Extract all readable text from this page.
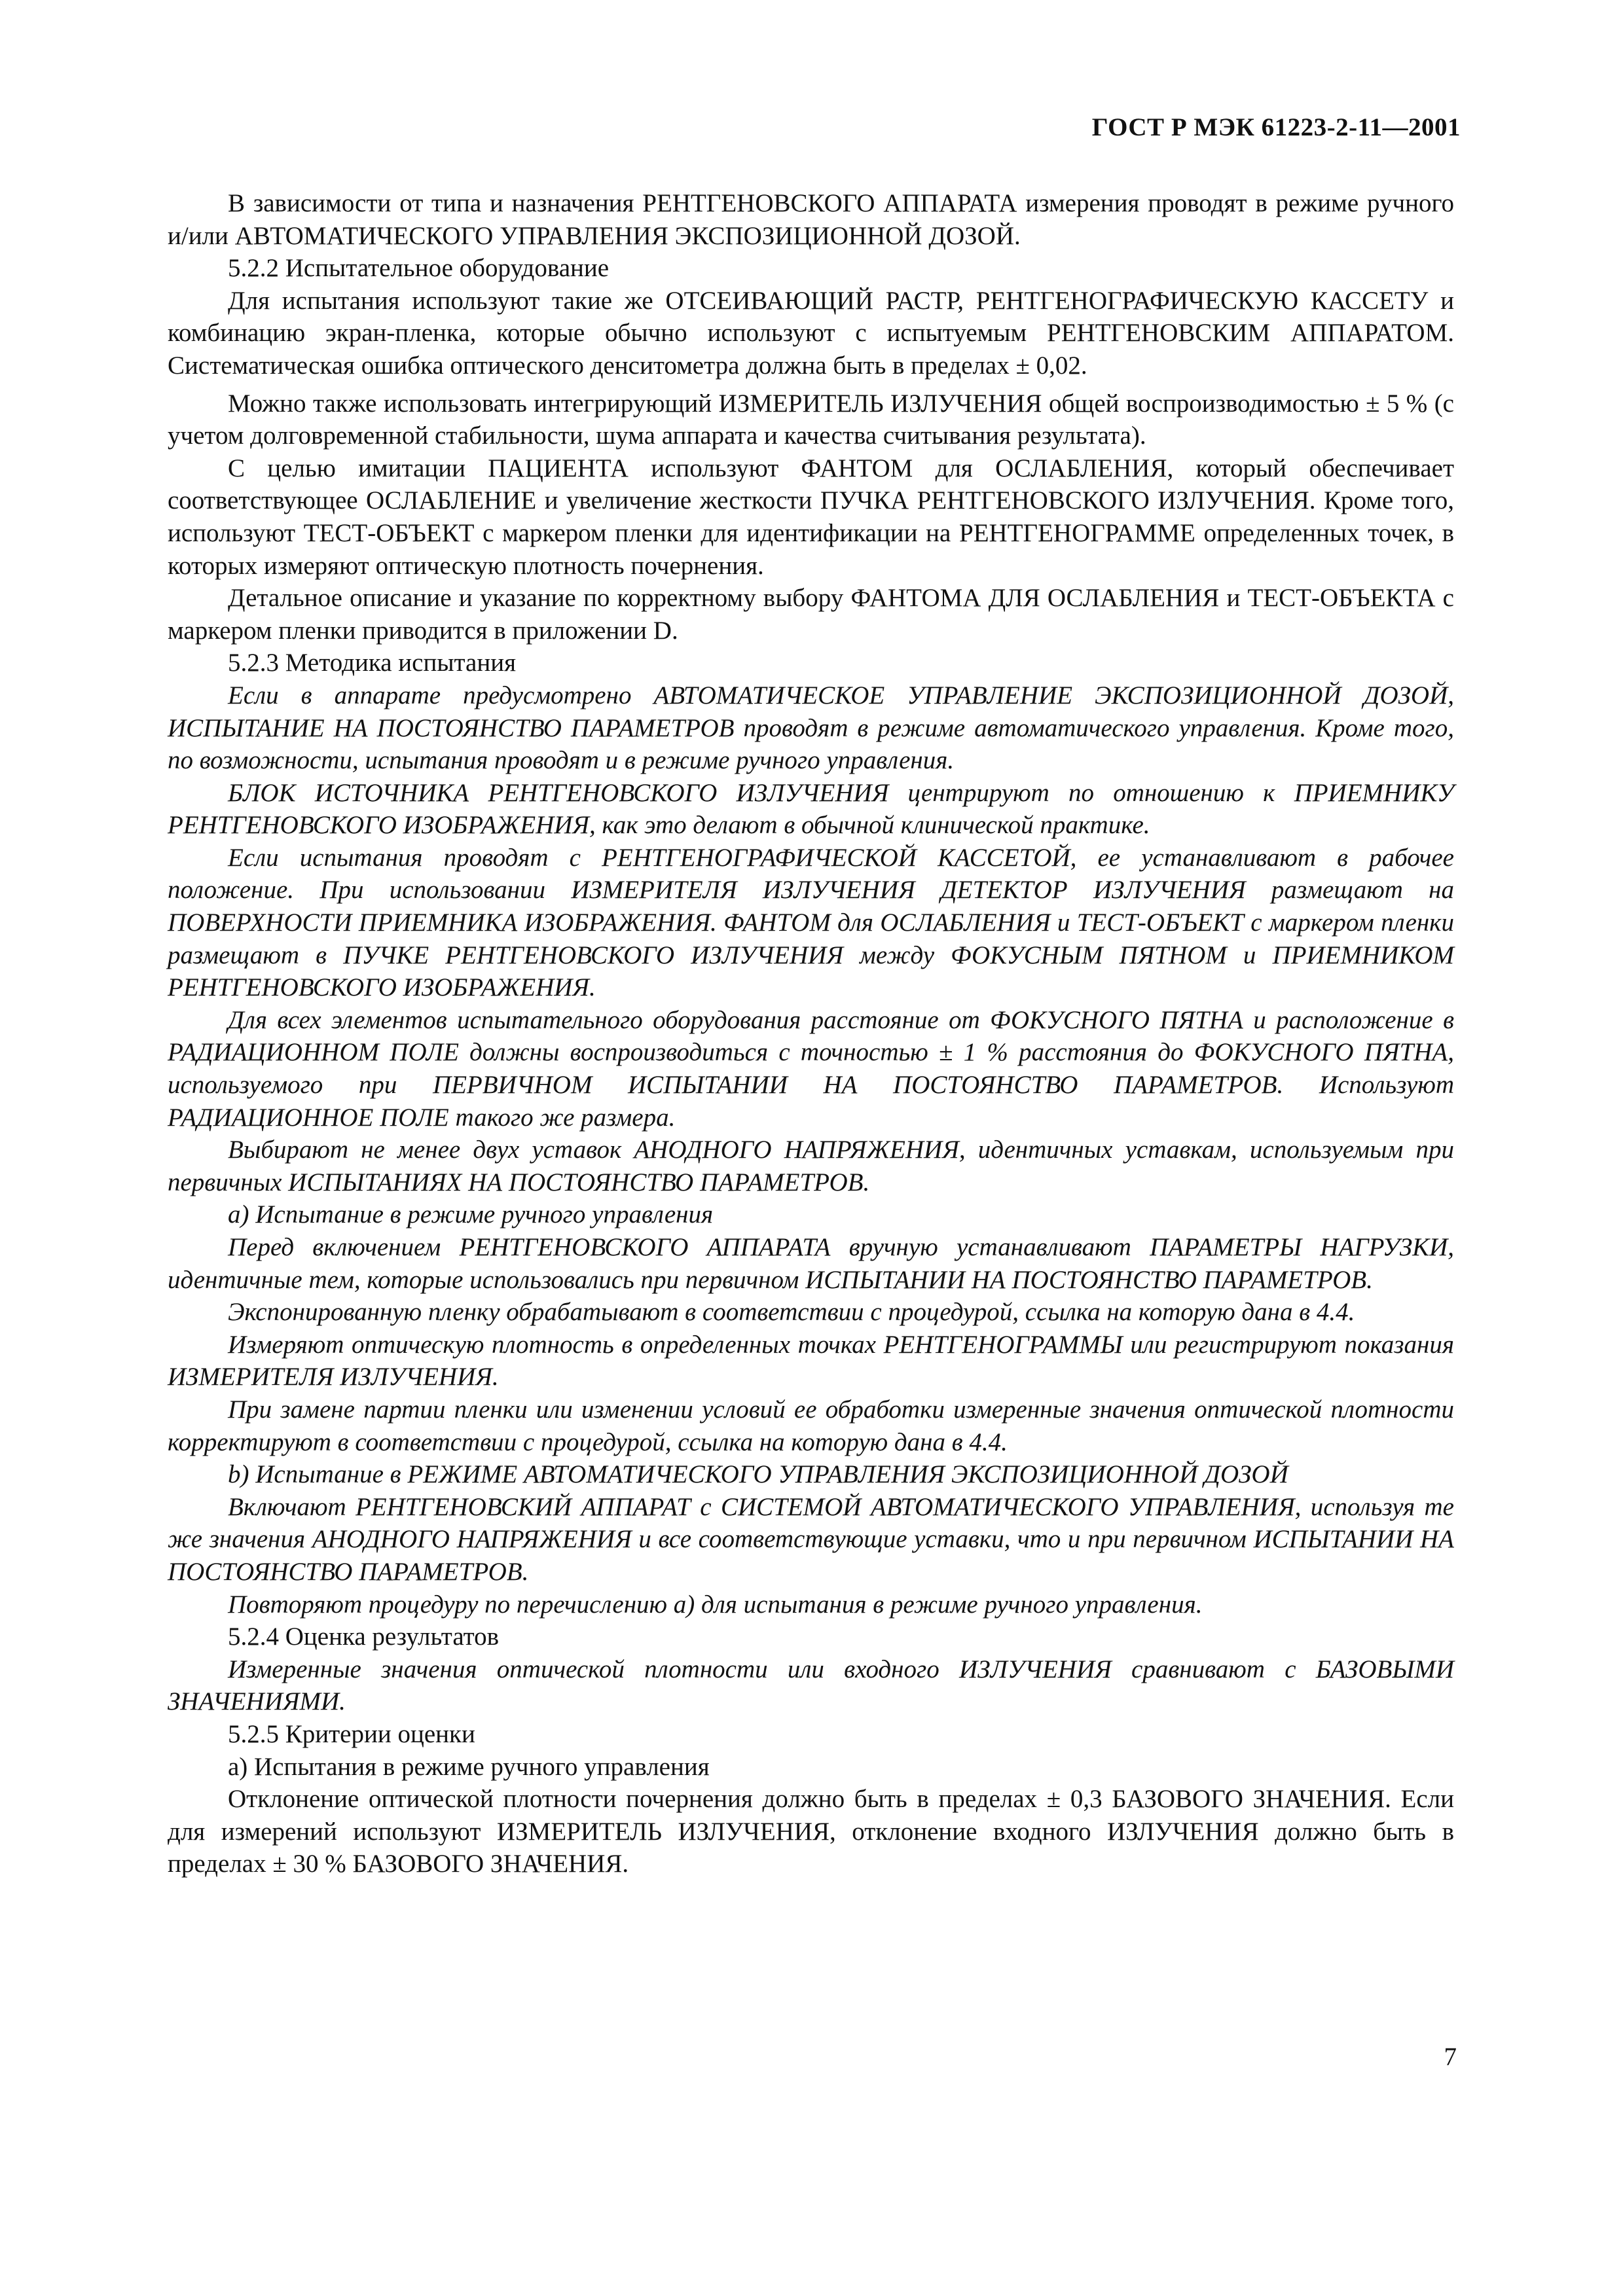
ГОСТ Р МЭК 61223-2-11—2001

В зависимости от типа и назначения РЕНТГЕНОВСКОГО АППАРАТА измерения проводят в режиме ручного и/или АВТОМАТИЧЕСКОГО УПРАВЛЕНИЯ ЭКСПОЗИЦИОННОЙ ДОЗОЙ.

5.2.2 Испытательное оборудование

Для испытания используют такие же ОТСЕИВАЮЩИЙ РАСТР, РЕНТГЕНОГРАФИЧЕСКУЮ КАССЕТУ и комбинацию экран-пленка, которые обычно используют с испытуемым РЕНТГЕНОВСКИМ АППАРАТОМ. Систематическая ошибка оптического денситометра должна быть в пределах ± 0,02.

Можно также использовать интегрирующий ИЗМЕРИТЕЛЬ ИЗЛУЧЕНИЯ общей воспроизводимостью ± 5 % (с учетом долговременной стабильности, шума аппарата и качества считывания результата).

С целью имитации ПАЦИЕНТА используют ФАНТОМ для ОСЛАБЛЕНИЯ, который обеспечивает соответствующее ОСЛАБЛЕНИЕ и увеличение жесткости ПУЧКА РЕНТГЕНОВСКОГО ИЗЛУЧЕНИЯ. Кроме того, используют ТЕСТ-ОБЪЕКТ с маркером пленки для идентификации на РЕНТГЕНОГРАММЕ определенных точек, в которых измеряют оптическую плотность почернения.

Детальное описание и указание по корректному выбору ФАНТОМА ДЛЯ ОСЛАБЛЕНИЯ и ТЕСТ-ОБЪЕКТА с маркером пленки приводится в приложении D.

5.2.3 Методика испытания

Если в аппарате предусмотрено АВТОМАТИЧЕСКОЕ УПРАВЛЕНИЕ ЭКСПОЗИЦИОННОЙ ДОЗОЙ, ИСПЫТАНИЕ НА ПОСТОЯНСТВО ПАРАМЕТРОВ проводят в режиме автоматического управления. Кроме того, по возможности, испытания проводят и в режиме ручного управления.

БЛОК ИСТОЧНИКА РЕНТГЕНОВСКОГО ИЗЛУЧЕНИЯ центрируют по отношению к ПРИЕМНИКУ РЕНТГЕНОВСКОГО ИЗОБРАЖЕНИЯ, как это делают в обычной клинической практике.

Если испытания проводят с РЕНТГЕНОГРАФИЧЕСКОЙ КАССЕТОЙ, ее устанавливают в рабочее положение. При использовании ИЗМЕРИТЕЛЯ ИЗЛУЧЕНИЯ ДЕТЕКТОР ИЗЛУЧЕНИЯ размещают на ПОВЕРХНОСТИ ПРИЕМНИКА ИЗОБРАЖЕНИЯ. ФАНТОМ для ОСЛАБЛЕНИЯ и ТЕСТ-ОБЪЕКТ с маркером пленки размещают в ПУЧКЕ РЕНТГЕНОВСКОГО ИЗЛУЧЕНИЯ между ФОКУСНЫМ ПЯТНОМ и ПРИЕМНИКОМ РЕНТГЕНОВСКОГО ИЗОБРАЖЕНИЯ.

Для всех элементов испытательного оборудования расстояние от ФОКУСНОГО ПЯТНА и расположение в РАДИАЦИОННОМ ПОЛЕ должны воспроизводиться с точностью ± 1 % расстояния до ФОКУСНОГО ПЯТНА, используемого при ПЕРВИЧНОМ ИСПЫТАНИИ НА ПОСТОЯНСТВО ПАРАМЕТРОВ. Используют РАДИАЦИОННОЕ ПОЛЕ такого же размера.

Выбирают не менее двух уставок АНОДНОГО НАПРЯЖЕНИЯ, идентичных уставкам, используемым при первичных ИСПЫТАНИЯХ НА ПОСТОЯНСТВО ПАРАМЕТРОВ.

а) Испытание в режиме ручного управления

Перед включением РЕНТГЕНОВСКОГО АППАРАТА вручную устанавливают ПАРАМЕТРЫ НАГРУЗКИ, идентичные тем, которые использовались при первичном ИСПЫТАНИИ НА ПОСТОЯНСТВО ПАРАМЕТРОВ.

Экспонированную пленку обрабатывают в соответствии с процедурой, ссылка на которую дана в 4.4.

Измеряют оптическую плотность в определенных точках РЕНТГЕНОГРАММЫ или регистрируют показания ИЗМЕРИТЕЛЯ ИЗЛУЧЕНИЯ.

При замене партии пленки или изменении условий ее обработки измеренные значения оптической плотности корректируют в соответствии с процедурой, ссылка на которую дана в 4.4.

b) Испытание в РЕЖИМЕ АВТОМАТИЧЕСКОГО УПРАВЛЕНИЯ ЭКСПОЗИЦИОННОЙ ДОЗОЙ

Включают РЕНТГЕНОВСКИЙ АППАРАТ с СИСТЕМОЙ АВТОМАТИЧЕСКОГО УПРАВЛЕНИЯ, используя те же значения АНОДНОГО НАПРЯЖЕНИЯ и все соответствующие уставки, что и при первичном ИСПЫТАНИИ НА ПОСТОЯНСТВО ПАРАМЕТРОВ.

Повторяют процедуру по перечислению а) для испытания в режиме ручного управления.

5.2.4 Оценка результатов

Измеренные значения оптической плотности или входного ИЗЛУЧЕНИЯ сравнивают с БАЗОВЫМИ ЗНАЧЕНИЯМИ.

5.2.5 Критерии оценки

а) Испытания в режиме ручного управления

Отклонение оптической плотности почернения должно быть в пределах ± 0,3 БАЗОВОГО ЗНАЧЕНИЯ. Если для измерений используют ИЗМЕРИТЕЛЬ ИЗЛУЧЕНИЯ, отклонение входного ИЗЛУЧЕНИЯ должно быть в пределах ± 30 % БАЗОВОГО ЗНАЧЕНИЯ.

7
